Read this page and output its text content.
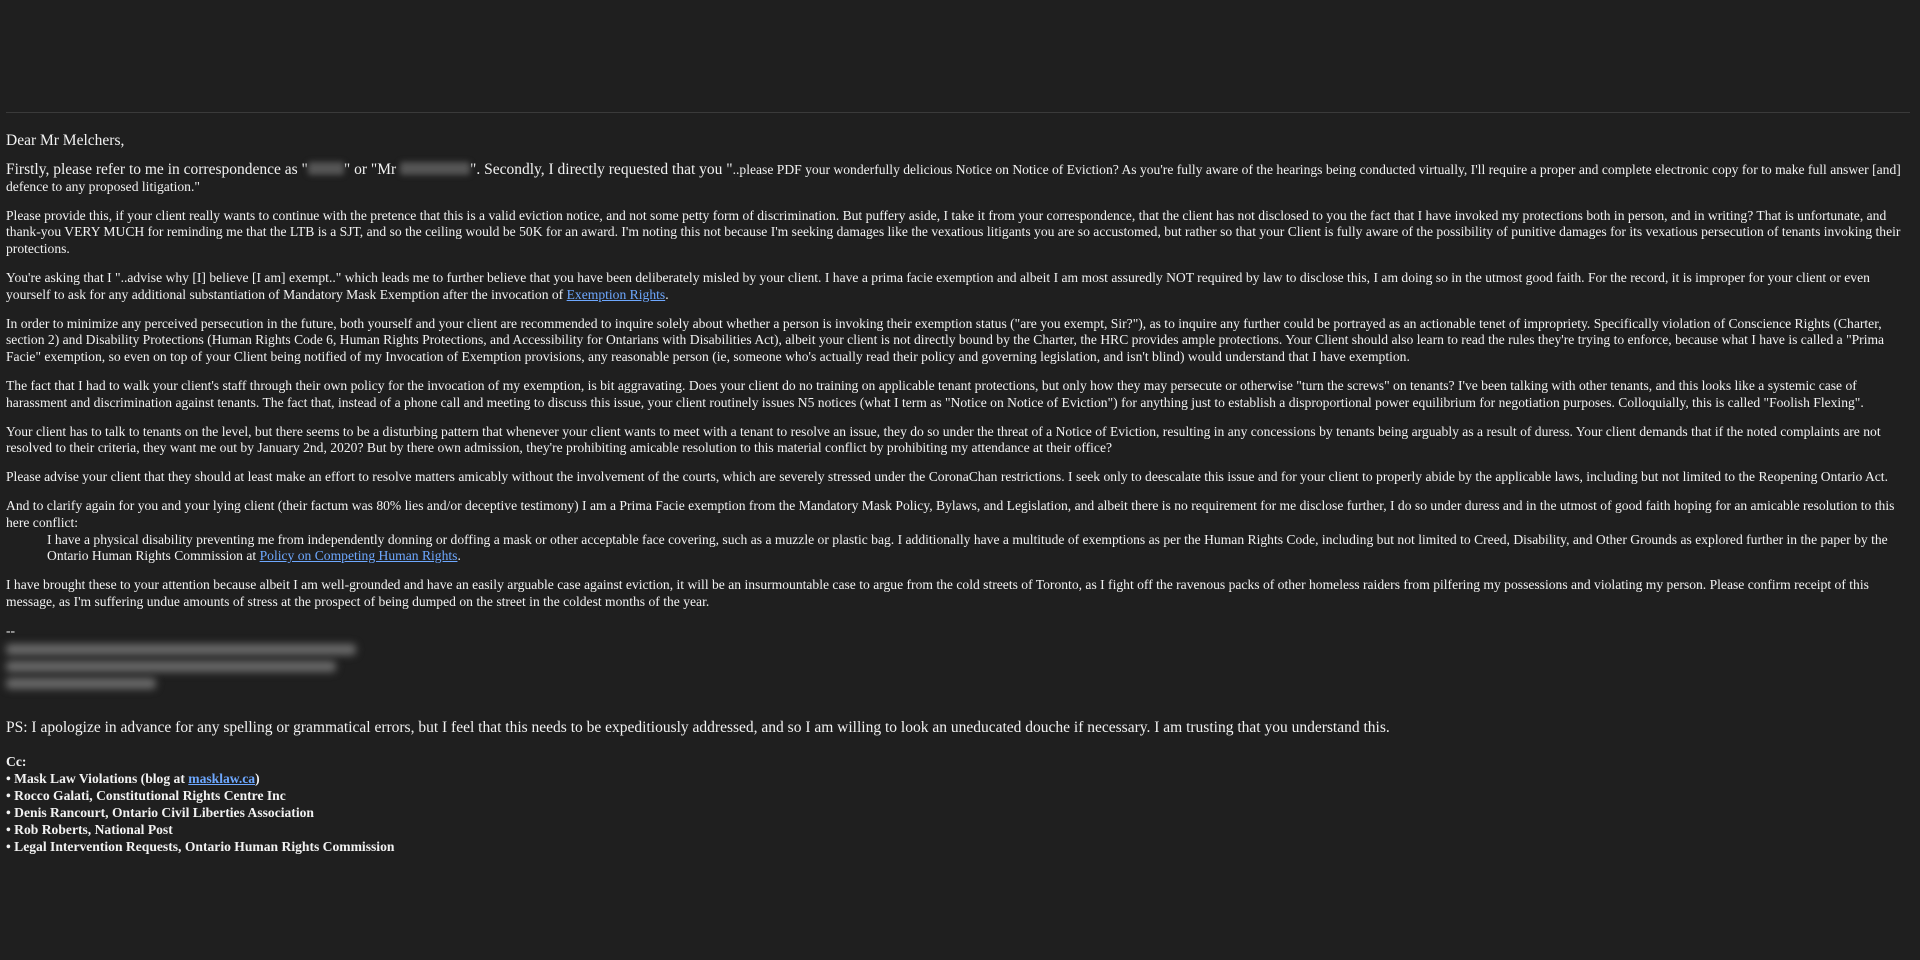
Dear Mr Melchers,

Firstly, please refer to me in correspondence as " " or "Mr	". Secondly, I directly requested that you "..please PDF your wonderfully delicious Notice on Notice of Eviction? As you're fully aware of the hearings being conducted virtually, I'll require a proper and complete electronic copy for to make full answer [and] defence to any proposed litigation."

Please provide this, if your client really wants to continue with the pretence that this is a valid eviction notice, and not some petty form of discrimination. But puffery aside, I take it from your correspondence, that the client has not disclosed to you the fact that I have invoked my protections both in person, and in writing? That is unfortunate, and thank-you VERY MUCH for reminding me that the LTB is a SJT, and so the ceiling would be 50K for an award. I'm noting this not because I'm seeking damages like the vexatious litigants you are so accustomed, but rather so that your Client is fully aware of the possibility of punitive damages for its vexatious persecution of tenants invoking their protections.

You're asking that I "..advise why [I] believe [I am] exempt.." which leads me to further believe that you have been deliberately misled by your client. I have a prima facie exemption and albeit I am most assuredly NOT required by law to disclose this, I am doing so in the utmost good faith. For the record, it is improper for your client or even yourself to ask for any additional substantiation of Mandatory Mask Exemption after the invocation of Exemption Rights.

In order to minimize any perceived persecution in the future, both yourself and your client are recommended to inquire solely about whether a person is invoking their exemption status ("are you exempt, Sir?"), as to inquire any further could be portrayed as an actionable tenet of impropriety. Specifically violation of Conscience Rights (Charter, section 2) and Disability Protections (Human Rights Code 6, Human Rights Protections, and Accessibility for Ontarians with Disabilities Act), albeit your client is not directly bound by the Charter, the HRC provides ample protections. Your Client should also learn to read the rules they're trying to enforce, because what I have is called a "Prima Facie" exemption, so even on top of your Client being notified of my Invocation of Exemption provisions, any reasonable person (ie, someone who's actually read their policy and governing legislation, and isn't blind) would understand that I have exemption.

The fact that I had to walk your client's staff through their own policy for the invocation of my exemption, is bit aggravating. Does your client do no training on applicable tenant protections, but only how they may persecute or otherwise "turn the screws" on tenants? I've been talking with other tenants, and this looks like a systemic case of harassment and discrimination against tenants. The fact that, instead of a phone call and meeting to discuss this issue, your client routinely issues N5 notices (what I term as "Notice on Notice of Eviction") for anything just to establish a disproportional power equilibrium for negotiation purposes. Colloquially, this is called "Foolish Flexing".

Your client has to talk to tenants on the level, but there seems to be a disturbing pattern that whenever your client wants to meet with a tenant to resolve an issue, they do so under the threat of a Notice of Eviction, resulting in any concessions by tenants being arguably as a result of duress. Your client demands that if the noted complaints are not resolved to their criteria, they want me out by January 2nd, 2020? But by there own admission, they're prohibiting amicable resolution to this material conflict by prohibiting my attendance at their office?

Please advise your client that they should at least make an effort to resolve matters amicably without the involvement of the courts, which are severely stressed under the CoronaChan restrictions. I seek only to deescalate this issue and for your client to properly abide by the applicable laws, including but not limited to the Reopening Ontario Act.

And to clarify again for you and your lying client (their factum was 80% lies and/or deceptive testimony) I am a Prima Facie exemption from the Mandatory Mask Policy, Bylaws, and Legislation, and albeit there is no requirement for me disclose further, I do so under duress and in the utmost of good faith hoping for an amicable resolution to this here conflict:

I have a physical disability preventing me from independently donning or doffing a mask or other acceptable face covering, such as a muzzle or plastic bag. I additionally have a multitude of exemptions as per the Human Rights Code, including but not limited to Creed, Disability, and Other Grounds as explored further in the paper by the Ontario Human Rights Commission at Policy on Competing Human Rights.

I have brought these to your attention because albeit I am well-grounded and have an easily arguable case against eviction, it will be an insurmountable case to argue from the cold streets of Toronto, as I fight off the ravenous packs of other homeless raiders from pilfering my possessions and violating my person. Please confirm receipt of this message, as I'm suffering undue amounts of stress at the prospect of being dumped on the street in the coldest months of the year.

--

PS: I apologize in advance for any spelling or grammatical errors, but I feel that this needs to be expeditiously addressed, and so I am willing to look an uneducated douche if necessary. I am trusting that you understand this.

Cc:
• Mask Law Violations (blog at masklaw.ca)
• Rocco Galati, Constitutional Rights Centre Inc
• Denis Rancourt, Ontario Civil Liberties Association
• Rob Roberts, National Post
• Legal Intervention Requests, Ontario Human Rights Commission
